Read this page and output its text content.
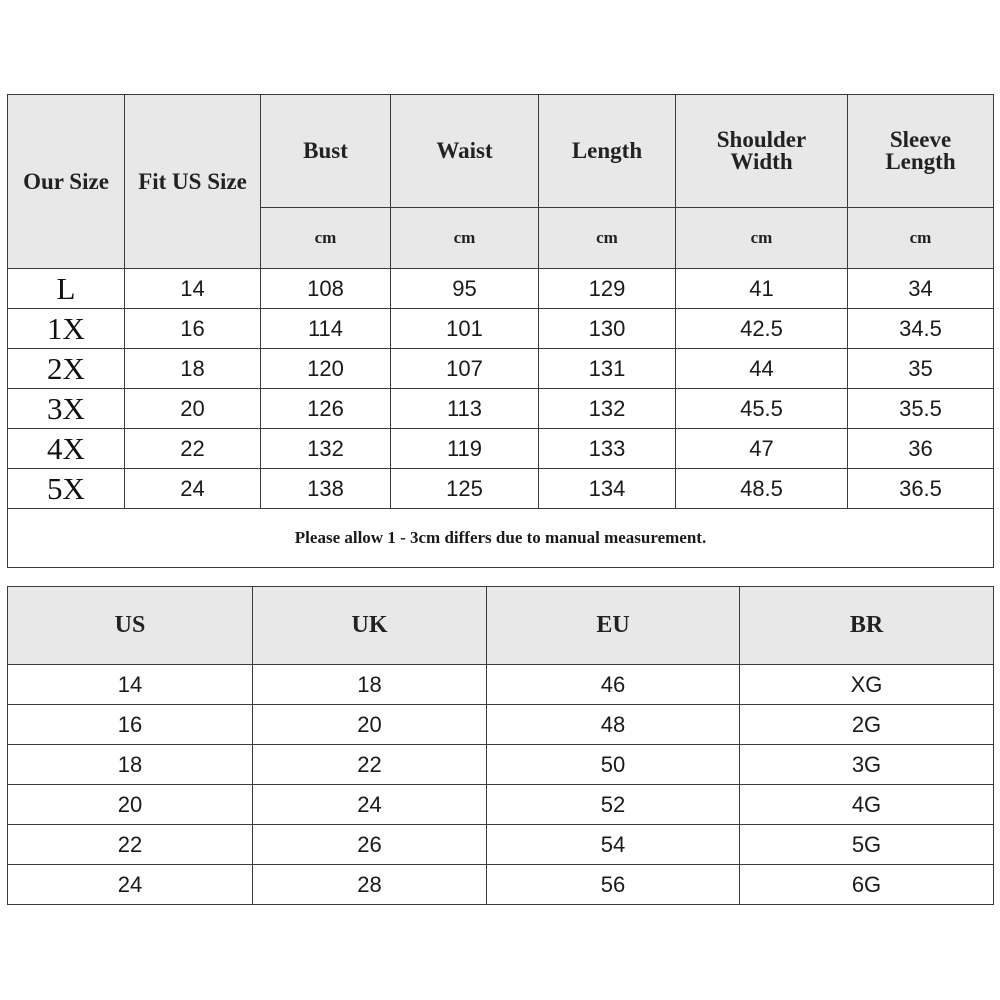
Our Size	Fit US Size	Bust	Waist	Length	Shoulder Width	Sleeve Length
		cm	cm	cm	cm	cm
L	14	108	95	129	41	34
1X	16	114	101	130	42.5	34.5
2X	18	120	107	131	44	35
3X	20	126	113	132	45.5	35.5
4X	22	132	119	133	47	36
5X	24	138	125	134	48.5	36.5
Please allow 1 - 3cm differs due to manual measurement.						
US	UK	EU	BR
14	18	46	XG
16	20	48	2G
18	22	50	3G
20	24	52	4G
22	26	54	5G
24	28	56	6G
